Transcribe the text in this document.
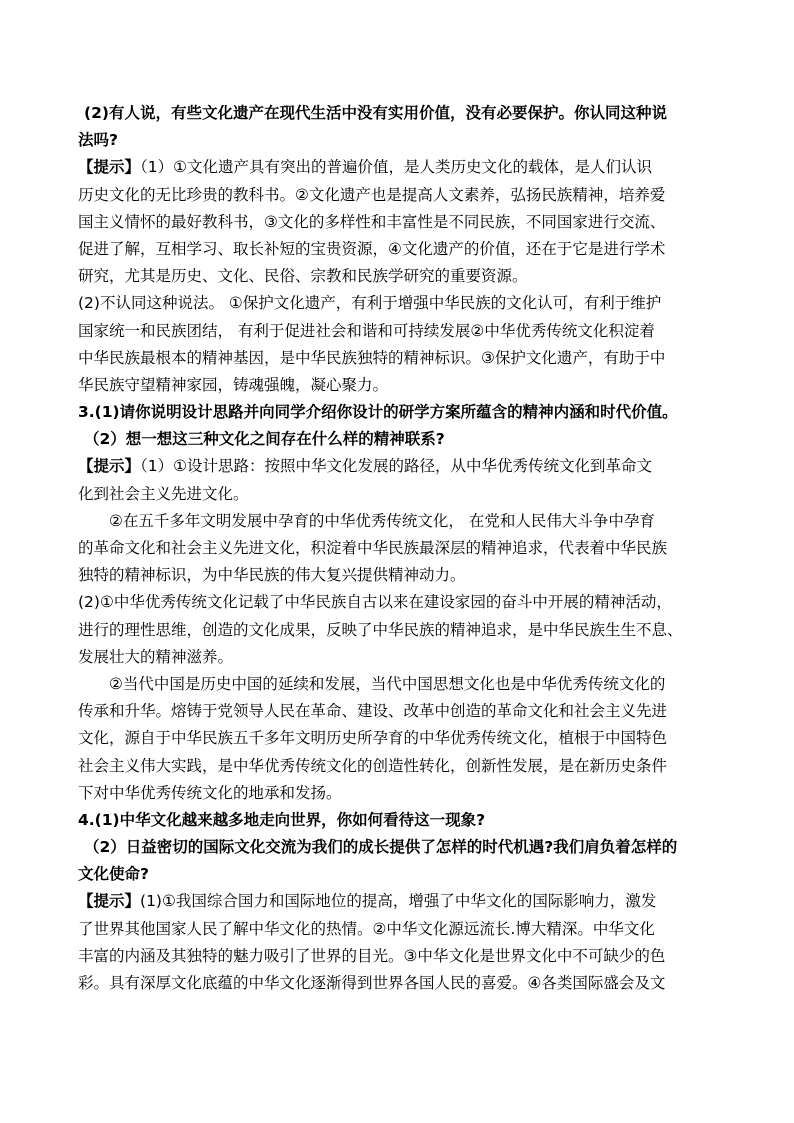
(2)有人说，有些文化遗产在现代生活中没有实用价值，没有必要保护。你认同这种说
法吗?
【提示】（1）①文化遗产具有突出的普遍价值，是人类历史文化的载体，是人们认识
历史文化的无比珍贵的教科书。②文化遗产也是提高人文素养，弘扬民族精神，培养爱
国主义情怀的最好教科书，③文化的多样性和丰富性是不同民族，不同国家进行交流、
促进了解，互相学习、取长补短的宝贵资源，④文化遗产的价值，还在于它是进行学术
研究，尤其是历史、文化、民俗、宗教和民族学研究的重要资源。
(2)不认同这种说法。 ①保护文化遗产，有利于增强中华民族的文化认可，有利于维护
国家统一和民族团结， 有利于促进社会和谐和可持续发展②中华优秀传统文化积淀着
中华民族最根本的精神基因，是中华民族独特的精神标识。③保护文化遗产，有助于中
华民族守望精神家园，铸魂强魄，凝心聚力。
3.(1)请你说明设计思路并向同学介绍你设计的研学方案所蕴含的精神内涵和时代价值。
（2）想一想这三种文化之间存在什么样的精神联系?
【提示】（1）①设计思路：按照中华文化发展的路径，从中华优秀传统文化到革命文
化到社会主义先进文化。
②在五千多年文明发展中孕育的中华优秀传统文化， 在党和人民伟大斗争中孕育
的革命文化和社会主义先进文化，积淀着中华民族最深层的精神追求，代表着中华民族
独特的精神标识，为中华民族的伟大复兴提供精神动力。
(2)①中华优秀传统文化记载了中华民族自古以来在建设家园的奋斗中开展的精神活动，
进行的理性思维，创造的文化成果，反映了中华民族的精神追求，是中华民族生生不息、
发展壮大的精神滋养。
②当代中国是历史中国的延续和发展，当代中国思想文化也是中华优秀传统文化的
传承和升华。熔铸于党领导人民在革命、建设、改革中创造的革命文化和社会主义先进
文化，源自于中华民族五千多年文明历史所孕育的中华优秀传统文化，植根于中国特色
社会主义伟大实践，是中华优秀传统文化的创造性转化，创新性发展，是在新历史条件
下对中华优秀传统文化的地承和发扬。
4.(1)中华文化越来越多地走向世界，你如何看待这一现象?
（2）日益密切的国际文化交流为我们的成长提供了怎样的时代机遇?我们肩负着怎样的
文化使命?
【提示】(1)①我国综合国力和国际地位的提高，增强了中华文化的国际影响力，激发
了世界其他国家人民了解中华文化的热情。②中华文化源远流长.博大精深。中华文化
丰富的内涵及其独特的魅力吸引了世界的目光。③中华文化是世界文化中不可缺少的色
彩。具有深厚文化底蕴的中华文化逐渐得到世界各国人民的喜爱。④各类国际盛会及文
